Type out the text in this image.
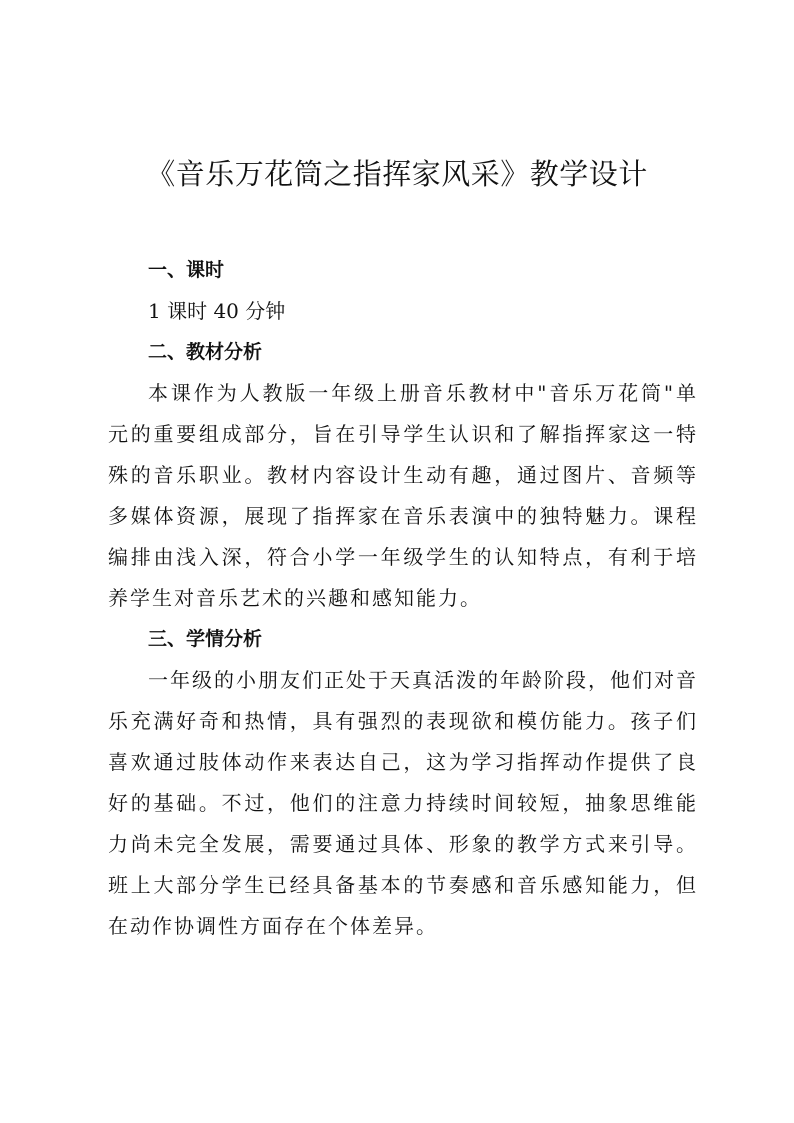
《音乐万花筒之指挥家风采》教学设计

一、课时

1 课时 40 分钟

二、教材分析

本课作为人教版一年级上册音乐教材中"音乐万花筒"单元的重要组成部分，旨在引导学生认识和了解指挥家这一特殊的音乐职业。教材内容设计生动有趣，通过图片、音频等多媒体资源，展现了指挥家在音乐表演中的独特魅力。课程编排由浅入深，符合小学一年级学生的认知特点，有利于培养学生对音乐艺术的兴趣和感知能力。

三、学情分析

一年级的小朋友们正处于天真活泼的年龄阶段，他们对音乐充满好奇和热情，具有强烈的表现欲和模仿能力。孩子们喜欢通过肢体动作来表达自己，这为学习指挥动作提供了良好的基础。不过，他们的注意力持续时间较短，抽象思维能力尚未完全发展，需要通过具体、形象的教学方式来引导。班上大部分学生已经具备基本的节奏感和音乐感知能力，但在动作协调性方面存在个体差异。
